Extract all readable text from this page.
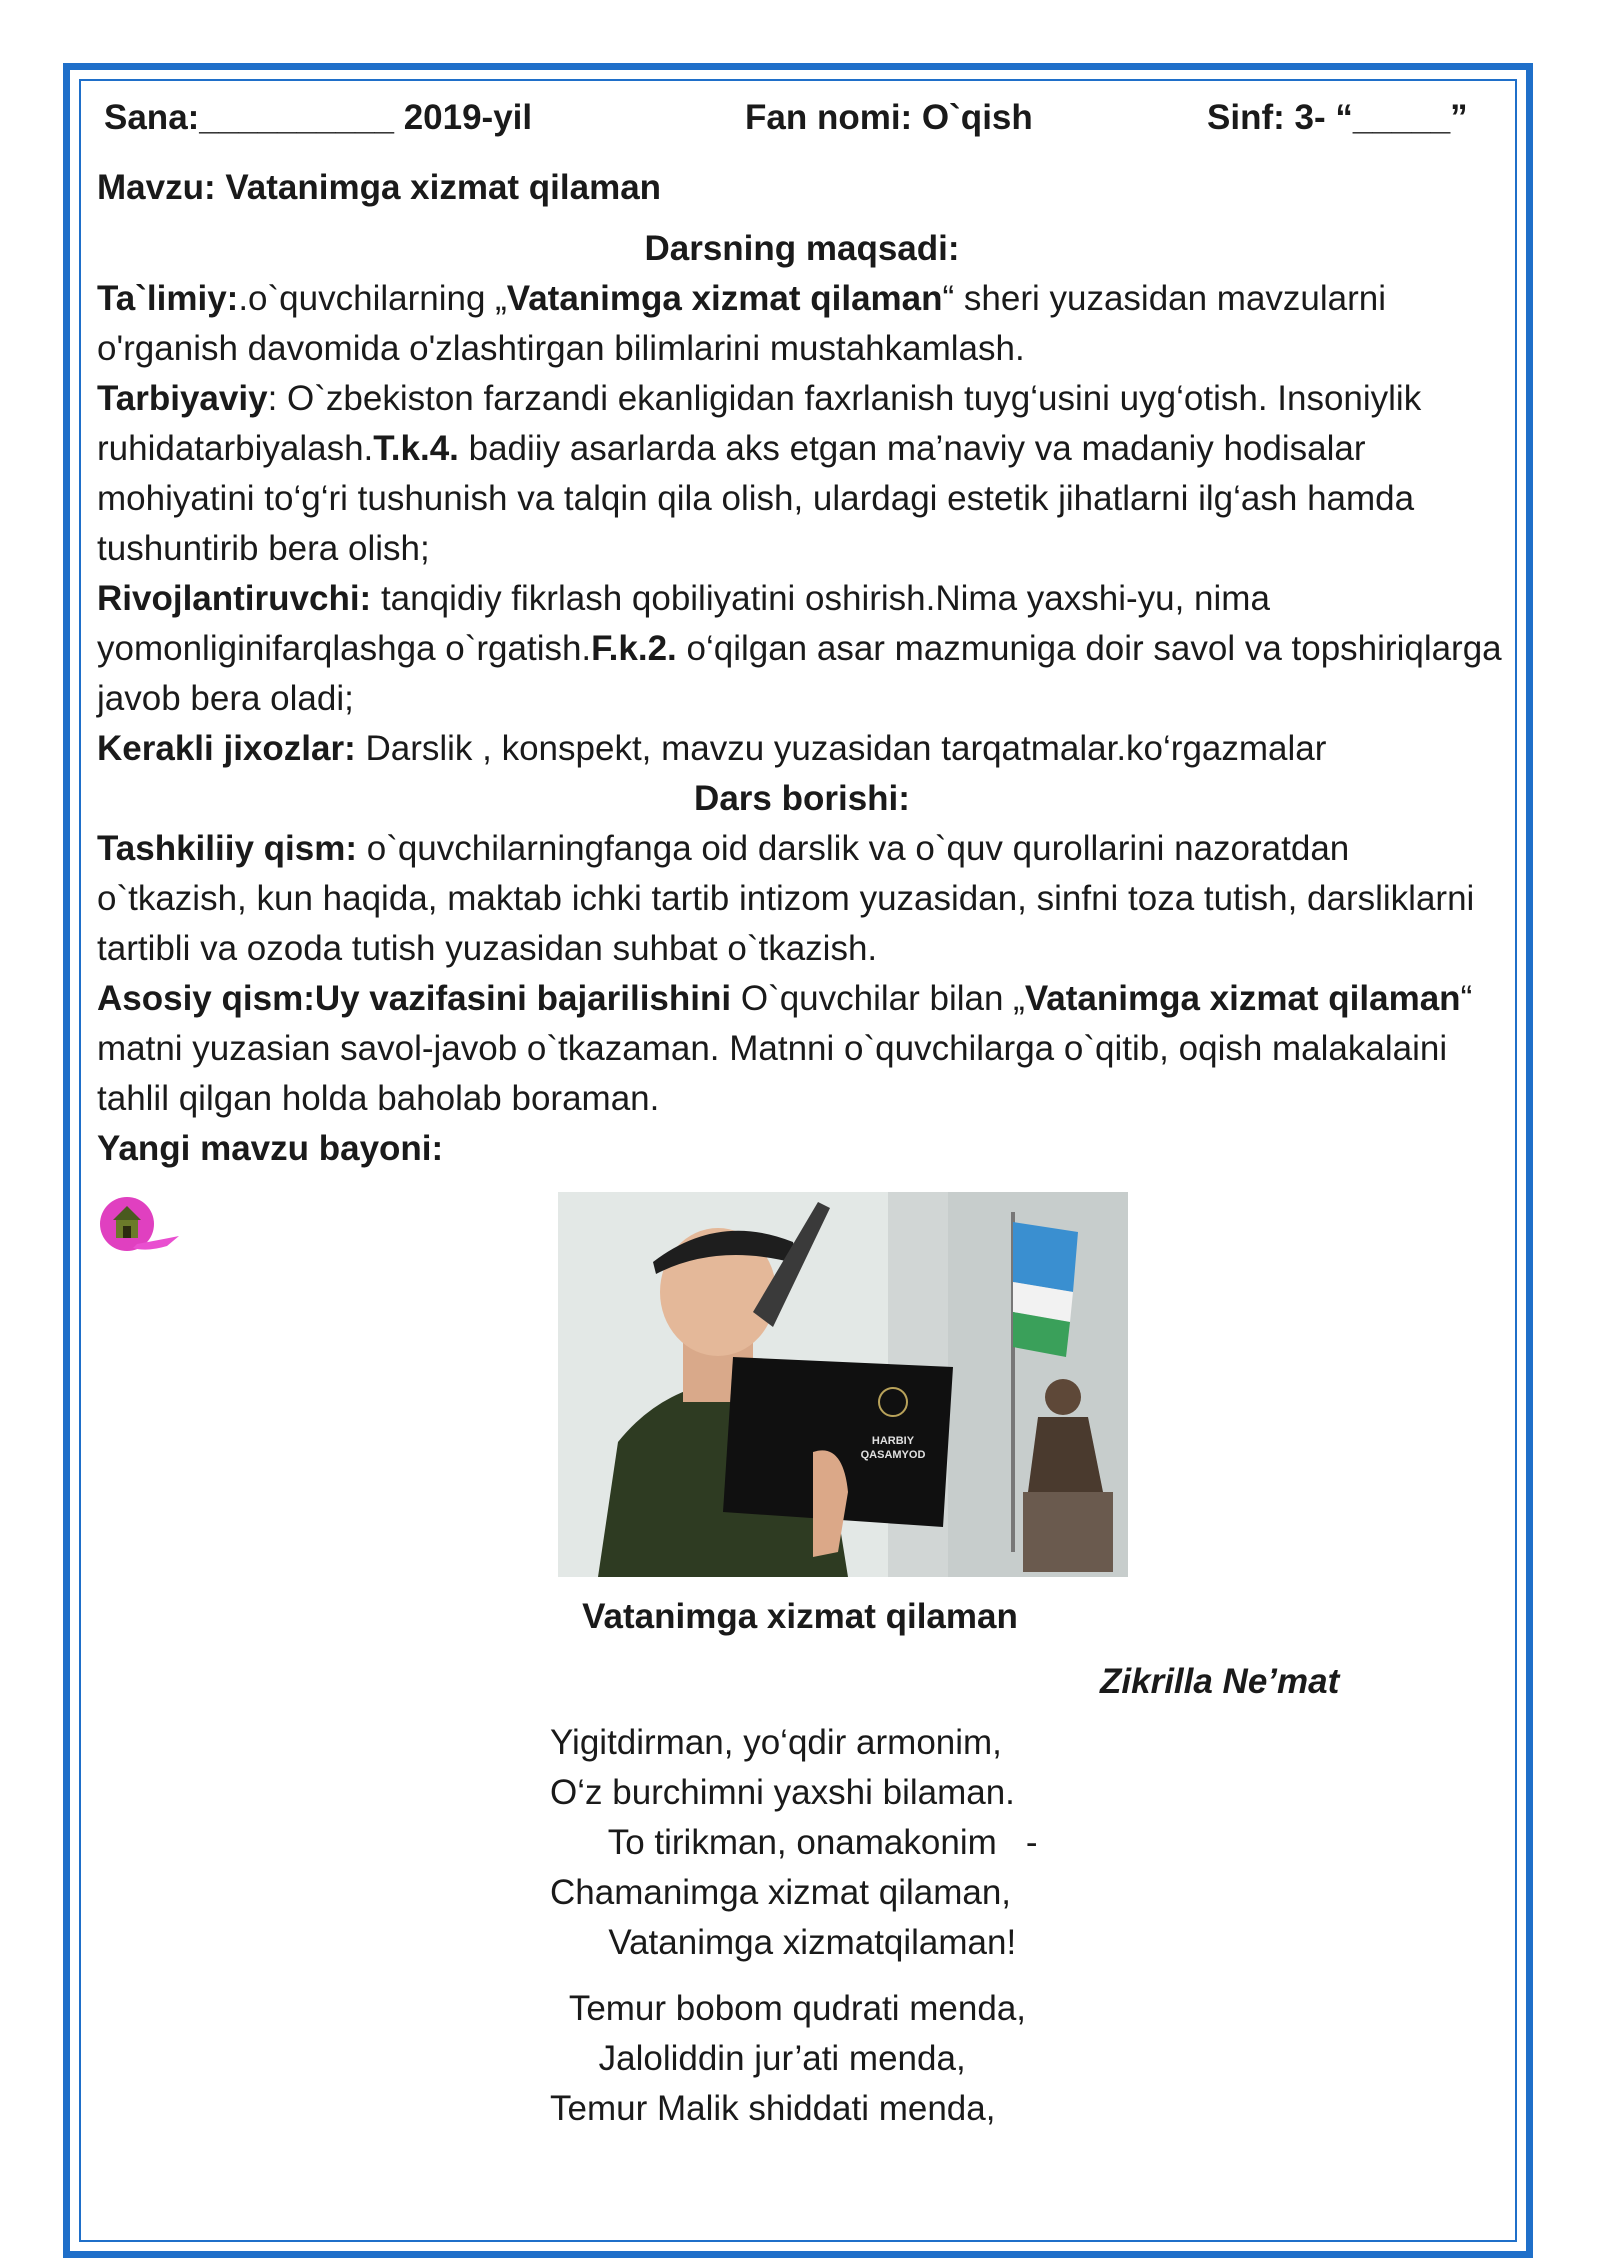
Sana:__________ 2019-yil	Fan nomi: O`qish	Sinf: 3- “_____”
Mavzu: Vatanimga xizmat qilaman
Darsning maqsadi:

Ta`limiy:.o`quvchilarning „Vatanimga xizmat qilaman“ sheri yuzasidan mavzularni o'rganish davomida o'zlashtirgan bilimlarini mustahkamlash.

Tarbiyaviy: O`zbekiston farzandi ekanligidan faxrlanish tuyg‘usini uyg‘otish. Insoniylik ruhidatarbiyalash.T.k.4. badiiy asarlarda aks etgan ma’naviy va madaniy hodisalar mohiyatini to‘g‘ri tushunish va talqin qila olish, ulardagi estetik jihatlarni ilg‘ash hamda tushuntirib bera olish;

Rivojlantiruvchi: tanqidiy fikrlash qobiliyatini oshirish.Nima yaxshi-yu, nima yomonliginifarqlashga o`rgatish.F.k.2. o‘qilgan asar mazmuniga doir savol va topshiriqlarga javob bera oladi;

Kerakli jixozlar: Darslik , konspekt, mavzu yuzasidan tarqatmalar.ko‘rgazmalar

Dars borishi:

Tashkiliiy qism: o`quvchilarningfanga oid darslik va o`quv qurollarini nazoratdan o`tkazish, kun haqida, maktab ichki tartib intizom yuzasidan, sinfni toza tutish, darsliklarni tartibli va ozoda tutish yuzasidan suhbat o`tkazish.

Asosiy qism:Uy vazifasini bajarilishini O`quvchilar bilan „Vatanimga xizmat qilaman“ matni yuzasian savol-javob o`tkazaman. Matnni o`quvchilarga o`qitib, oqish malakalaini tahlil qilgan holda baholab boraman.

Yangi mavzu bayoni:

HARBIY
QASAMYOD
Vatanimga xizmat qilaman
Zikrilla Ne’mat
Yigitdirman, yo‘qdir armonim,
O‘z burchimni yaxshi bilaman.
To tirikman, onamakonim   -
Chamanimga xizmat qilaman,
Vatanimga xizmatqilaman!
Temur bobom qudrati menda,
Jaloliddin jur’ati menda,
Temur Malik shiddati menda,
